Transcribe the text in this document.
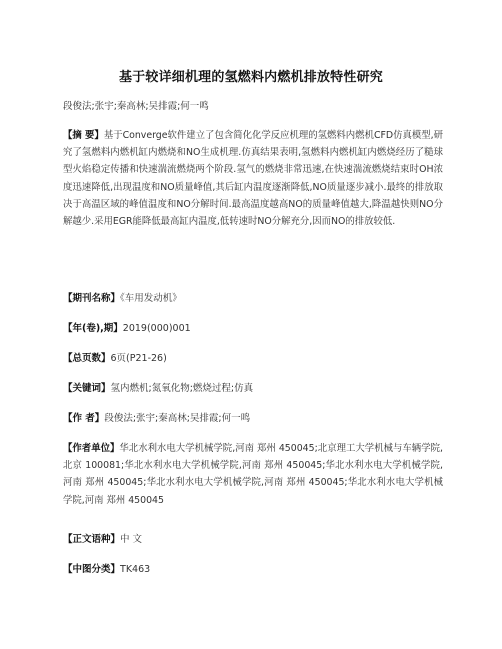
基于较详细机理的氢燃料内燃机排放特性研究
段俊法;张宇;秦高林;吴排霞;何一鸣
【摘 要】基于Converge软件建立了包含简化化学反应机理的氢燃料内燃机CFD仿真模型,研究了氢燃料内燃机缸内燃烧和NO生成机理.仿真结果表明,氢燃料内燃机缸内燃烧经历了糙球型火焰稳定传播和快速湍流燃烧两个阶段.氢气的燃烧非常迅速,在快速湍流燃烧结束时OH浓度迅速降低,出现温度和NO质量峰值,其后缸内温度逐渐降低,NO质量逐步减小.最终的排放取决于高温区域的峰值温度和NO分解时间.最高温度越高NO的质量峰值越大,降温越快则NO分解越少.采用EGR能降低最高缸内温度,低转速时NO分解充分,因而NO的排放较低.
【期刊名称】《车用发动机》
【年(卷),期】2019(000)001
【总页数】6页(P21-26)
【关键词】氢内燃机;氮氧化物;燃烧过程;仿真
【作 者】段俊法;张宇;秦高林;吴排霞;何一鸣
【作者单位】华北水利水电大学机械学院,河南 郑州 450045;北京理工大学机械与车辆学院,北京 100081;华北水利水电大学机械学院,河南 郑州 450045;华北水利水电大学机械学院,河南 郑州 450045;华北水利水电大学机械学院,河南 郑州 450045;华北水利水电大学机械学院,河南 郑州 450045
【正文语种】中 文
【中图分类】TK463
